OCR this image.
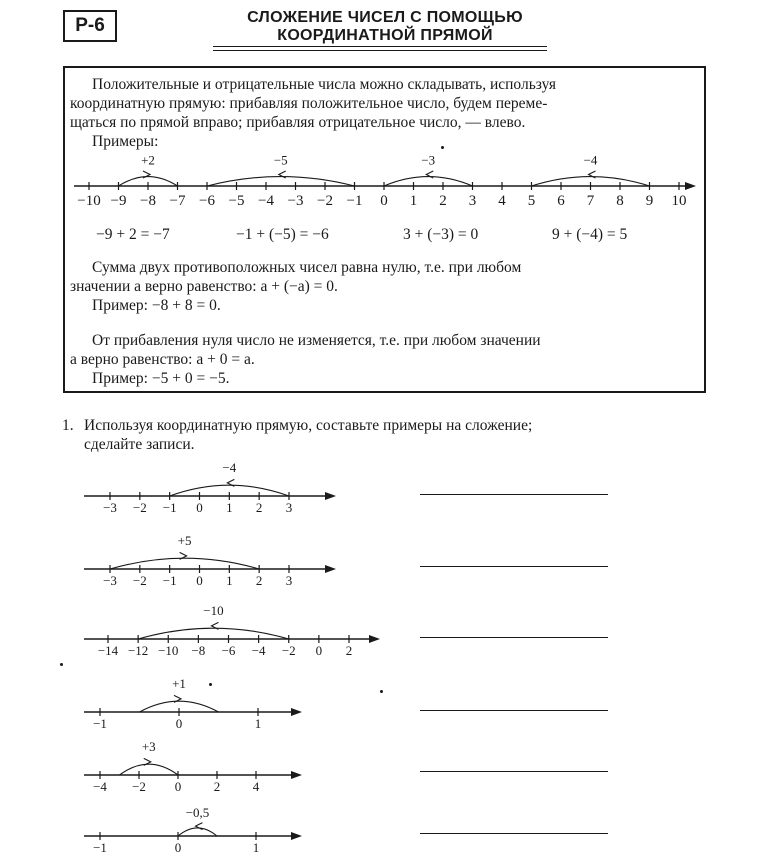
Р-6	СЛОЖЕНИЕ ЧИСЕЛ С ПОМОЩЬЮ
КООРДИНАТНОЙ ПРЯМОЙ
Положительные и отрицательные числа можно складывать, используя
координатную прямую: прибавляя положительное число, будем переме-
щаться по прямой вправо; прибавляя отрицательное число, — влево.
Примеры:
−10 −9 −8 −7 −6 −5 −4 −3 −2 −1 0 1 2 3 4 5 6 7 8 9 10
+2	−5	−3	−4
−9 + 2 = −7	−1 + (−5) = −6	3 + (−3) = 0	9 + (−4) = 5
Сумма двух противоположных чисел равна нулю, т.е. при любом
значении a верно равенство: a + (−a) = 0.
Пример: −8 + 8 = 0.
От прибавления нуля число не изменяется, т.е. при любом значении
a верно равенство: a + 0 = a.
Пример: −5 + 0 = −5.
1. Используя координатную прямую, составьте примеры на сложение;
сделайте записи.
−3 −2 −1 0 1 2 3
−4
−3 −2 −1 0 1 2 3
+5
−14 −12 −10 −8 −6 −4 −2 0 2
−10
−1	0	1
+1
−4 −2 0	2	4
+3
−1	0	1
−0,5
